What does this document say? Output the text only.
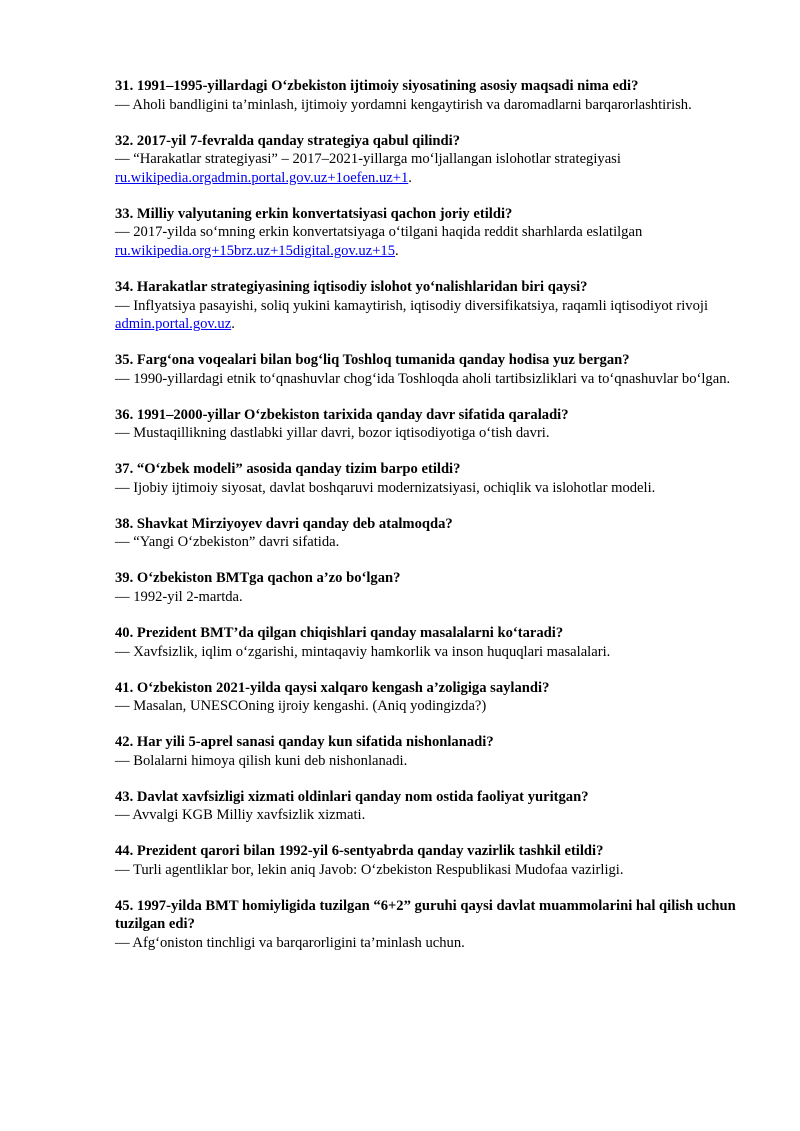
31. 1991–1995-yillardagi O‘zbekiston ijtimoiy siyosatining asosiy maqsadi nima edi?

— Aholi bandligini ta’minlash, ijtimoiy yordamni kengaytirish va daromadlarni barqarorlashtirish.

32. 2017-yil 7-fevralda qanday strategiya qabul qilindi?

— “Harakatlar strategiyasi” – 2017–2021-yillarga mo‘ljallangan islohotlar strategiyasi ru.wikipedia.orgadmin.portal.gov.uz+1oefen.uz+1.

33. Milliy valyutaning erkin konvertatsiyasi qachon joriy etildi?

— 2017-yilda so‘mning erkin konvertatsiyaga o‘tilgani haqida reddit sharhlarda eslatilgan ru.wikipedia.org+15brz.uz+15digital.gov.uz+15.

34. Harakatlar strategiyasining iqtisodiy islohot yo‘nalishlaridan biri qaysi?

— Inflyatsiya pasayishi, soliq yukini kamaytirish, iqtisodiy diversifikatsiya, raqamli iqtisodiyot rivoji admin.portal.gov.uz.

35. Farg‘ona voqealari bilan bog‘liq Toshloq tumanida qanday hodisa yuz bergan?

— 1990-yillardagi etnik to‘qnashuvlar chog‘ida Toshloqda aholi tartibsizliklari va to‘qnashuvlar bo‘lgan.

36. 1991–2000-yillar O‘zbekiston tarixida qanday davr sifatida qaraladi?

— Mustaqillikning dastlabki yillar davri, bozor iqtisodiyotiga o‘tish davri.

37. “O‘zbek modeli” asosida qanday tizim barpo etildi?

— Ijobiy ijtimoiy siyosat, davlat boshqaruvi modernizatsiyasi, ochiqlik va islohotlar modeli.

38. Shavkat Mirziyoyev davri qanday deb atalmoqda?

— “Yangi O‘zbekiston” davri sifatida.

39. O‘zbekiston BMTga qachon a’zo bo‘lgan?

— 1992-yil 2-martda.

40. Prezident BMT’da qilgan chiqishlari qanday masalalarni ko‘taradi?

— Xavfsizlik, iqlim o‘zgarishi, mintaqaviy hamkorlik va inson huquqlari masalalari.

41. O‘zbekiston 2021-yilda qaysi xalqaro kengash a’zoligiga saylandi?

— Masalan, UNESCOning ijroiy kengashi. (Aniq yodingizda?)

42. Har yili 5-aprel sanasi qanday kun sifatida nishonlanadi?

— Bolalarni himoya qilish kuni deb nishonlanadi.

43. Davlat xavfsizligi xizmati oldinlari qanday nom ostida faoliyat yuritgan?

— Avvalgi KGB Milliy xavfsizlik xizmati.

44. Prezident qarori bilan 1992-yil 6-sentyabrda qanday vazirlik tashkil etildi?

— Turli agentliklar bor, lekin aniq Javob: O‘zbekiston Respublikasi Mudofaa vazirligi.

45. 1997-yilda BMT homiyligida tuzilgan “6+2” guruhi qaysi davlat muammolarini hal qilish uchun tuzilgan edi?

— Afg‘oniston tinchligi va barqarorligini ta’minlash uchun.
